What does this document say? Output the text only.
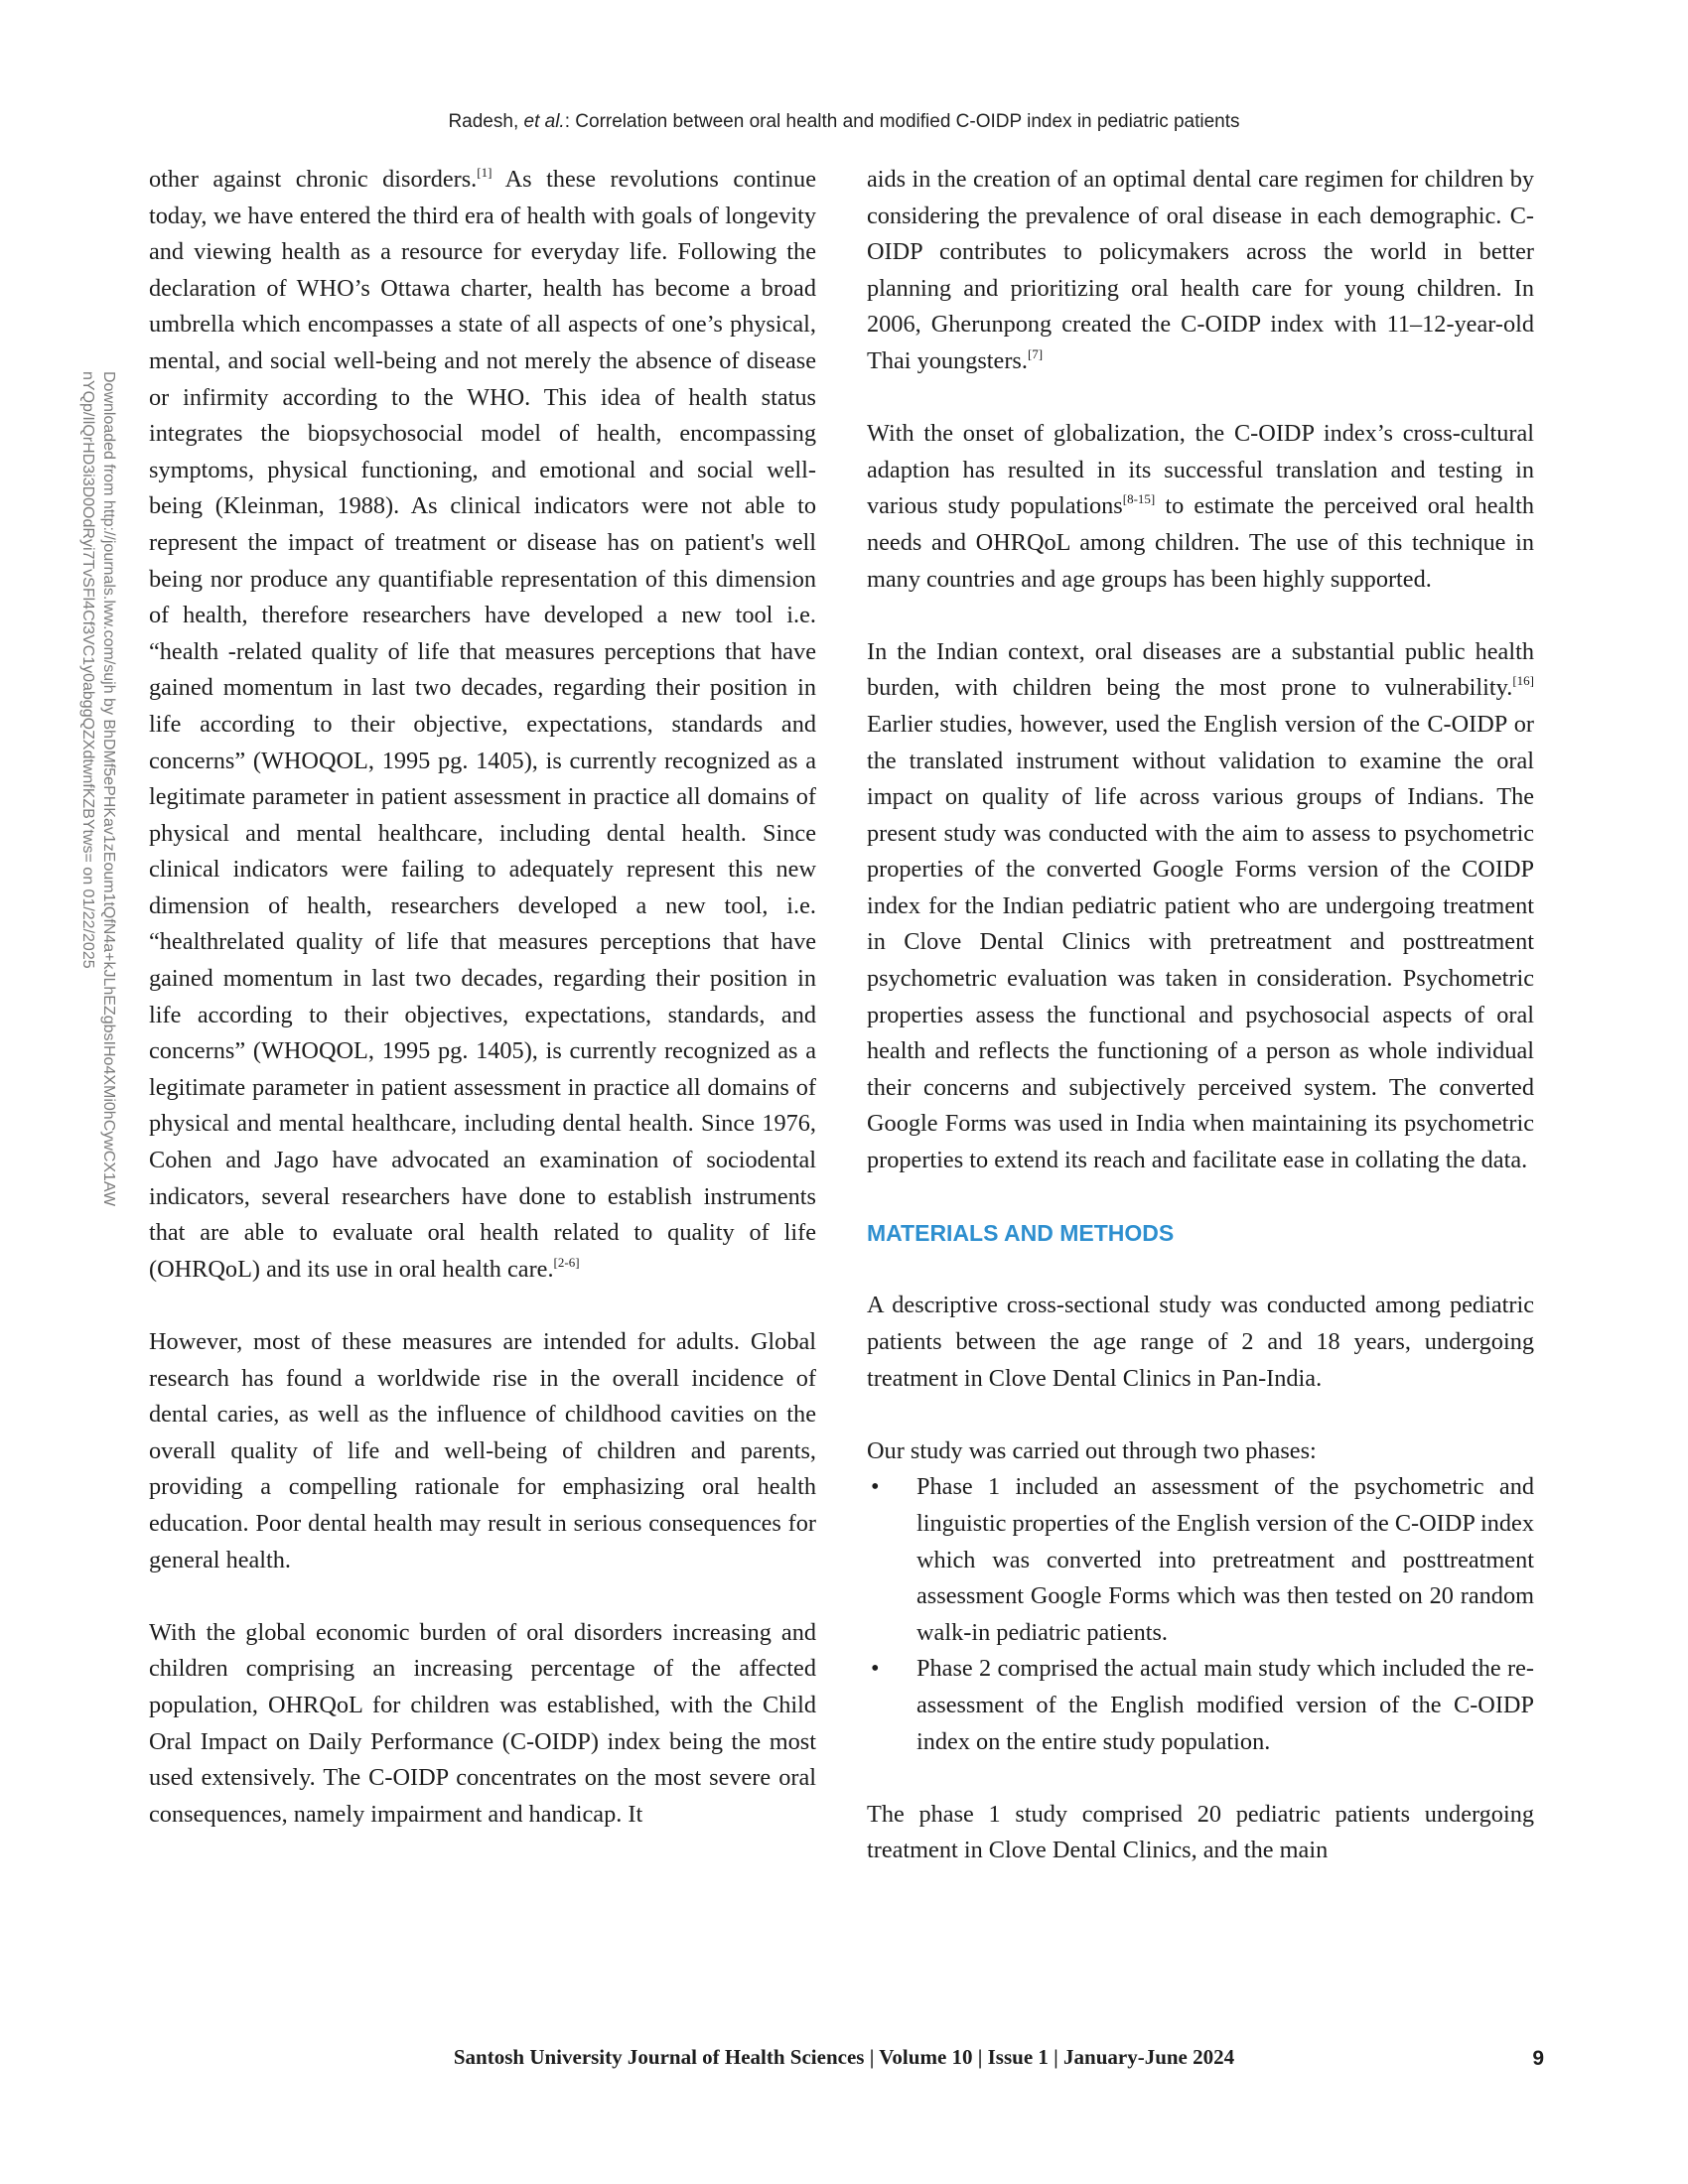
Radesh, et al.: Correlation between oral health and modified C-OIDP index in pediatric patients
Downloaded from http://journals.lww.com/sujh by BhDMf5ePHKav1zEoum1tQfN4a+kJLhEZgbsIHo4XMi0hCywCX1AW
nYQp/IlQrHD3i3D0OdRyi7TvSFl4Cf3VC1y0abggQZXdtwnfKZBYtws= on 01/22/2025

other against chronic disorders.[1] As these revolutions continue today, we have entered the third era of health with goals of longevity and viewing health as a resource for everyday life. Following the declaration of WHO’s Ottawa charter, health has become a broad umbrella which encompasses a state of all aspects of one’s physical, mental, and social well-being and not merely the absence of disease or infirmity according to the WHO. This idea of health status integrates the biopsychosocial model of health, encompassing symptoms, physical functioning, and emotional and social well-being (Kleinman, 1988). As clinical indicators were not able to represent the impact of treatment or disease has on patient's well being nor produce any quantifiable representation of this dimension of health, therefore researchers have developed a new tool i.e. “health -related quality of life that measures perceptions that have gained momentum in last two decades, regarding their position in life according to their objective, expectations, standards and concerns” (WHOQOL, 1995 pg. 1405), is currently recognized as a legitimate parameter in patient assessment in practice all domains of physical and mental healthcare, including dental health. Since clinical indicators were failing to adequately represent this new dimension of health, researchers developed a new tool, i.e. “healthrelated quality of life that measures perceptions that have gained momentum in last two decades, regarding their position in life according to their objectives, expectations, standards, and concerns” (WHOQOL, 1995 pg. 1405), is currently recognized as a legitimate parameter in patient assessment in practice all domains of physical and mental healthcare, including dental health. Since 1976, Cohen and Jago have advocated an examination of sociodental indicators, several researchers have done to establish instruments that are able to evaluate oral health related to quality of life (OHRQoL) and its use in oral health care.[2-6]

However, most of these measures are intended for adults. Global research has found a worldwide rise in the overall incidence of dental caries, as well as the influence of childhood cavities on the overall quality of life and well-being of children and parents, providing a compelling rationale for emphasizing oral health education. Poor dental health may result in serious consequences for general health.

With the global economic burden of oral disorders increasing and children comprising an increasing percentage of the affected population, OHRQoL for children was established, with the Child Oral Impact on Daily Performance (C-OIDP) index being the most used extensively. The C-OIDP concentrates on the most severe oral consequences, namely impairment and handicap. It

aids in the creation of an optimal dental care regimen for children by considering the prevalence of oral disease in each demographic. C-OIDP contributes to policymakers across the world in better planning and prioritizing oral health care for young children. In 2006, Gherunpong created the C-OIDP index with 11–12-year-old Thai youngsters.[7]

With the onset of globalization, the C-OIDP index’s cross-cultural adaption has resulted in its successful translation and testing in various study populations[8-15] to estimate the perceived oral health needs and OHRQoL among children. The use of this technique in many countries and age groups has been highly supported.

In the Indian context, oral diseases are a substantial public health burden, with children being the most prone to vulnerability.[16] Earlier studies, however, used the English version of the C-OIDP or the translated instrument without validation to examine the oral impact on quality of life across various groups of Indians. The present study was conducted with the aim to assess to psychometric properties of the converted Google Forms version of the COIDP index for the Indian pediatric patient who are undergoing treatment in Clove Dental Clinics with pretreatment and posttreatment psychometric evaluation was taken in consideration. Psychometric properties assess the functional and psychosocial aspects of oral health and reflects the functioning of a person as whole individual their concerns and subjectively perceived system. The converted Google Forms was used in India when maintaining its psychometric properties to extend its reach and facilitate ease in collating the data.

MATERIALS AND METHODS

A descriptive cross-sectional study was conducted among pediatric patients between the age range of 2 and 18 years, undergoing treatment in Clove Dental Clinics in Pan-India.

Our study was carried out through two phases:

• Phase 1 included an assessment of the psychometric and linguistic properties of the English version of the C-OIDP index which was converted into pretreatment and posttreatment assessment Google Forms which was then tested on 20 random walk-in pediatric patients.
• Phase 2 comprised the actual main study which included the re-assessment of the English modified version of the C-OIDP index on the entire study population.

The phase 1 study comprised 20 pediatric patients undergoing treatment in Clove Dental Clinics, and the main

Santosh University Journal of Health Sciences | Volume 10 | Issue 1 | January-June 2024	9
